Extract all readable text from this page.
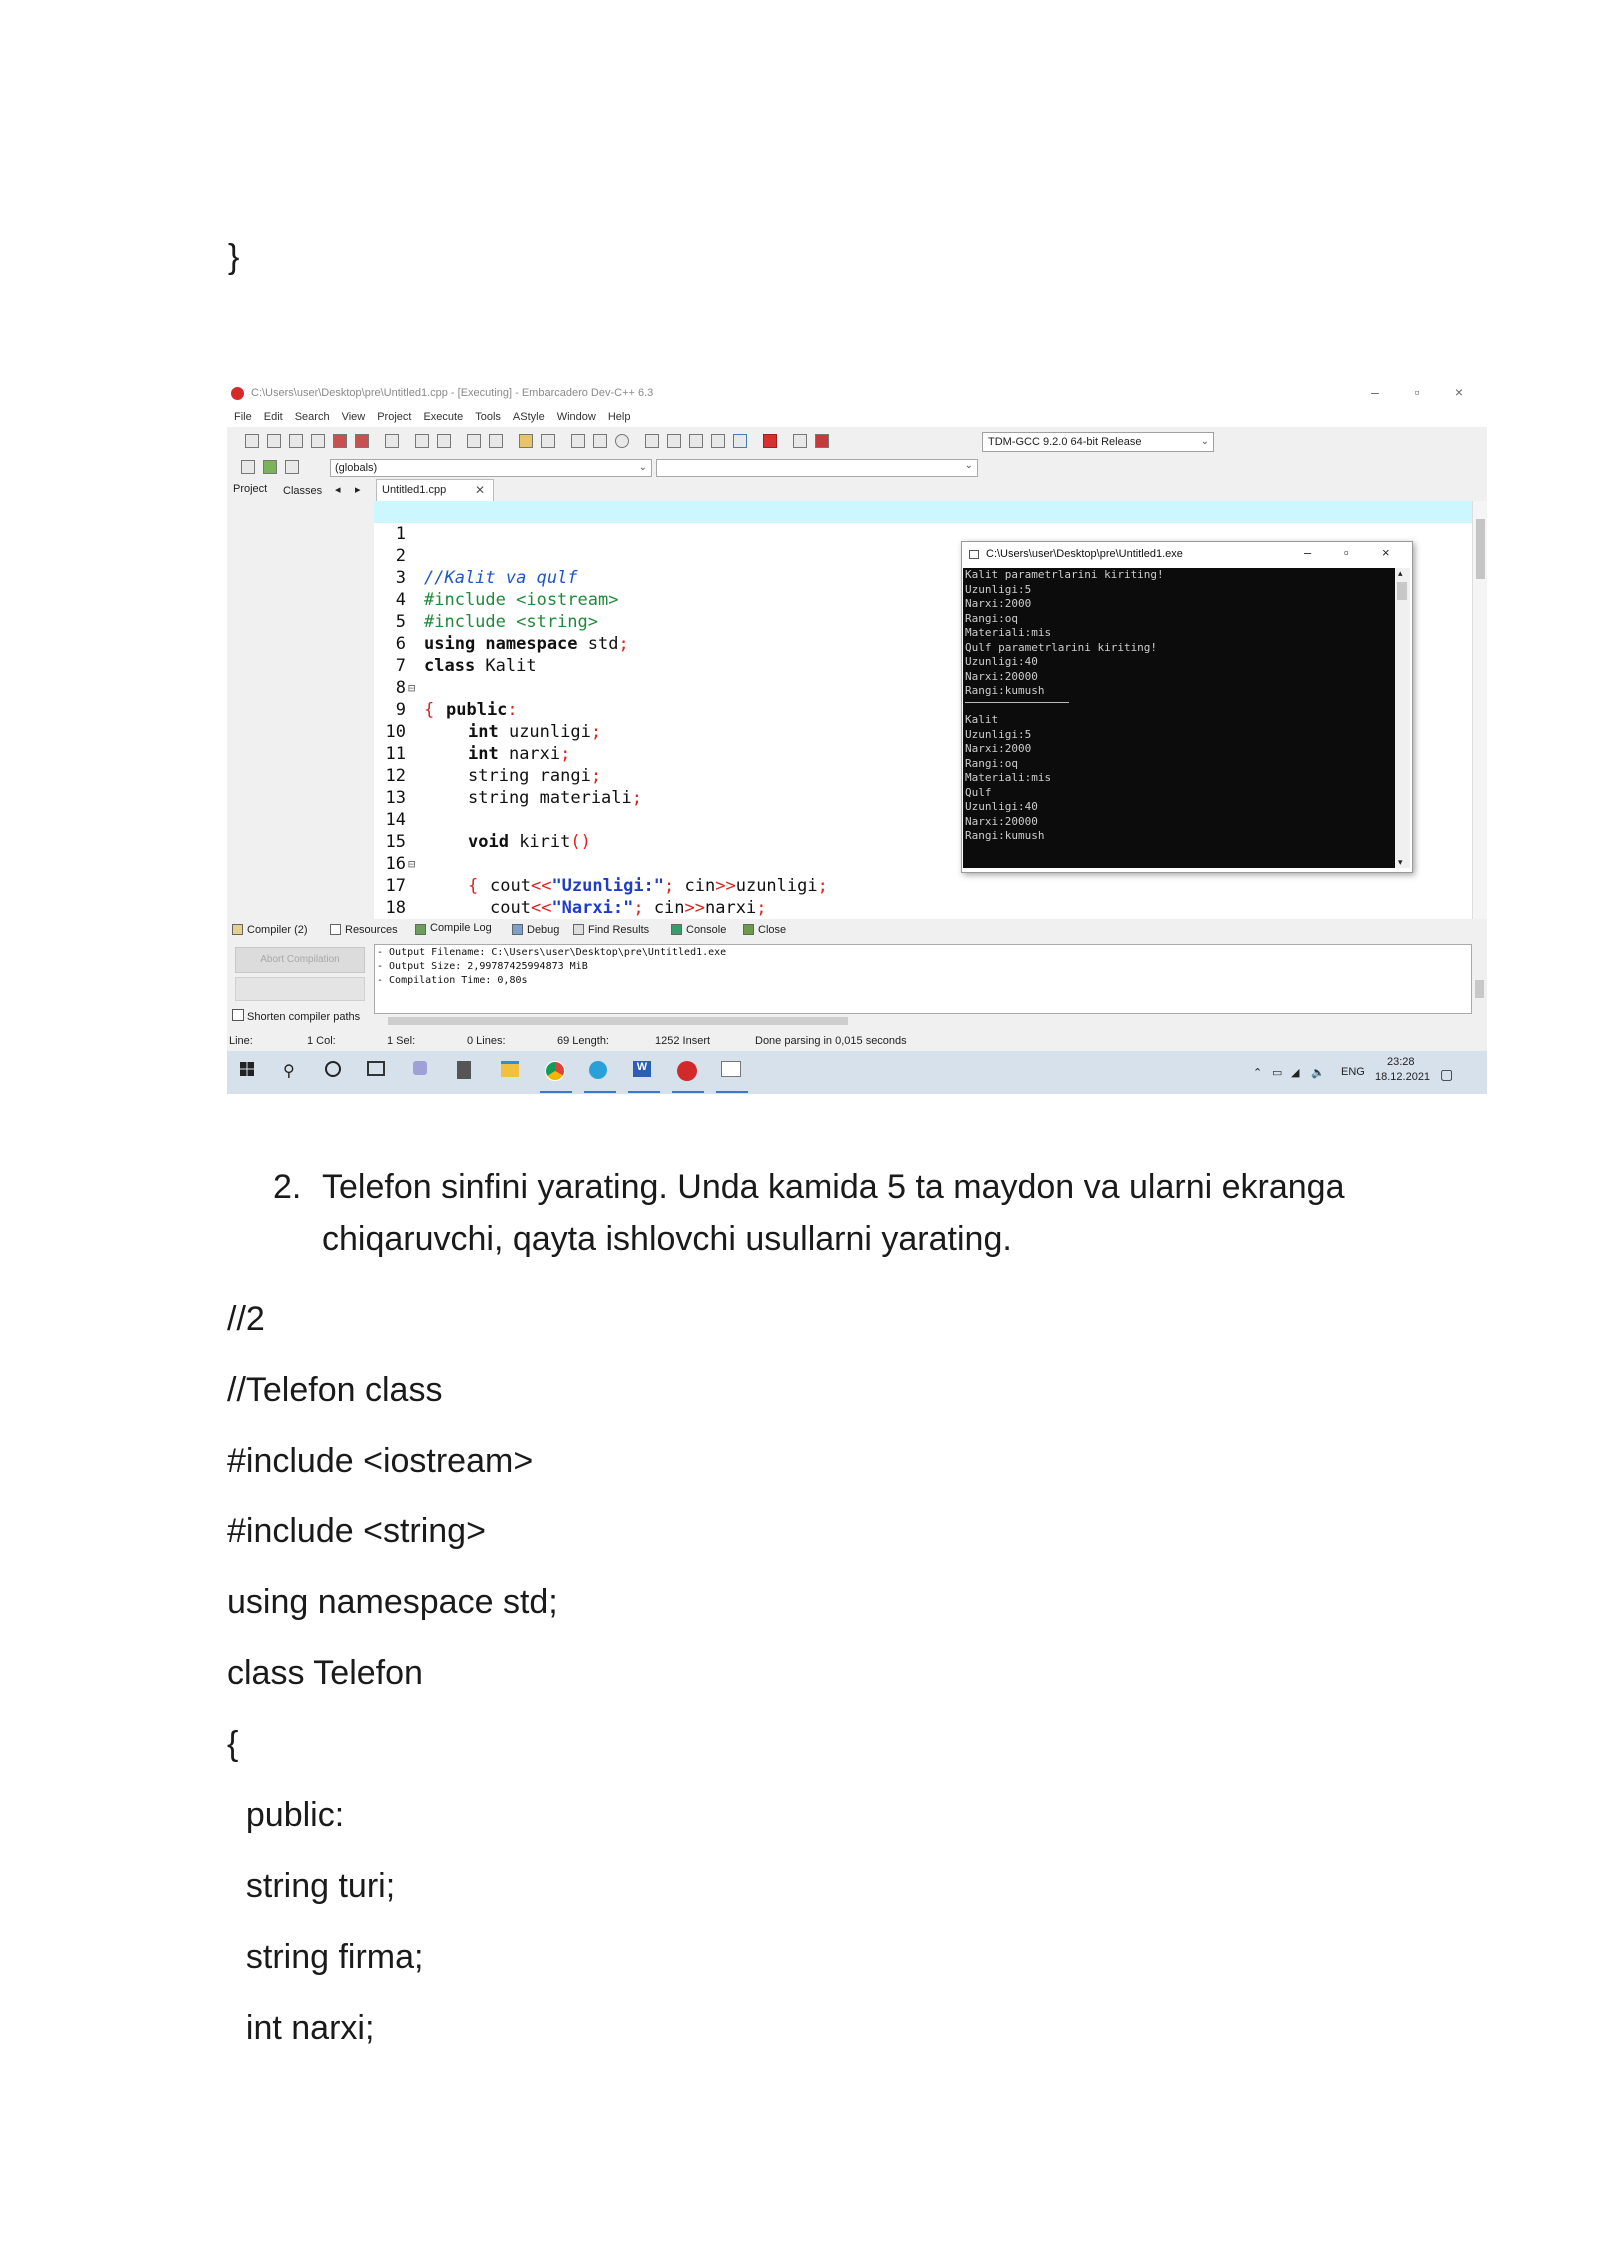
}
C:\Users\user\Desktop\pre\Untitled1.cpp - [Executing] - Embarcadero Dev-C++ 6.3	–	▫	×
File Edit Search View Project Execute Tools AStyle Window Help
TDM-GCC 9.2.0 64-bit Release	⌄
(globals)	⌄	⌄
Project Classes ◂ ▸	Untitled1.cpp ✕

1

2

//Kalit va qulf

3

#include <iostream>

4

#include <string>

5

using namespace std;

6

class Kalit

7

⊟

{

8

public:

9

int uzunligi;

10

int narxi;

11

string rangi;

12

string materiali;

13

14

void kirit()

15

⊟

{

16

cout<<"Uzunligi:"; cin>>uzunligi;

17

cout<<"Narxi:"; cin>>narxi;

18

C:\Users\user\Desktop\pre\Untitled1.exe	–	▫	×
Kalit parametrlarini kiriting!
Uzunligi:5
Narxi:2000
Rangi:oq
Materiali:mis
Qulf parametrlarini kiriting!
Uzunligi:40
Narxi:20000
Rangi:kumush
Kalit
Uzunligi:5
Narxi:2000
Rangi:oq
Materiali:mis
Qulf
Uzunligi:40
Narxi:20000
Rangi:kumush
▴
▾
Compiler (2)	Resources	Compile Log	Debug	Find Results	Console	Close
Abort Compilation
Shorten compiler paths
- Output Filename: C:\Users\user\Desktop\pre\Untitled1.exe
- Output Size: 2,99787425994873 MiB
- Compilation Time: 0,80s
Line:	1 Col:	1 Sel:	0 Lines:	69 Length:	1252 Insert	Done parsing in 0,015 seconds
⚲	W	⌃ ▭ ◢ 🔈 ENG
23:28
18.12.2021 ▢
2. Telefon sinfini yarating. Unda kamida 5 ta maydon va ularni ekranga
chiqaruvchi, qayta ishlovchi usullarni yarating.
//2
//Telefon class
#include <iostream>
#include <string>
using namespace std;
class Telefon
{
public:
string turi;
string firma;
int narxi;
